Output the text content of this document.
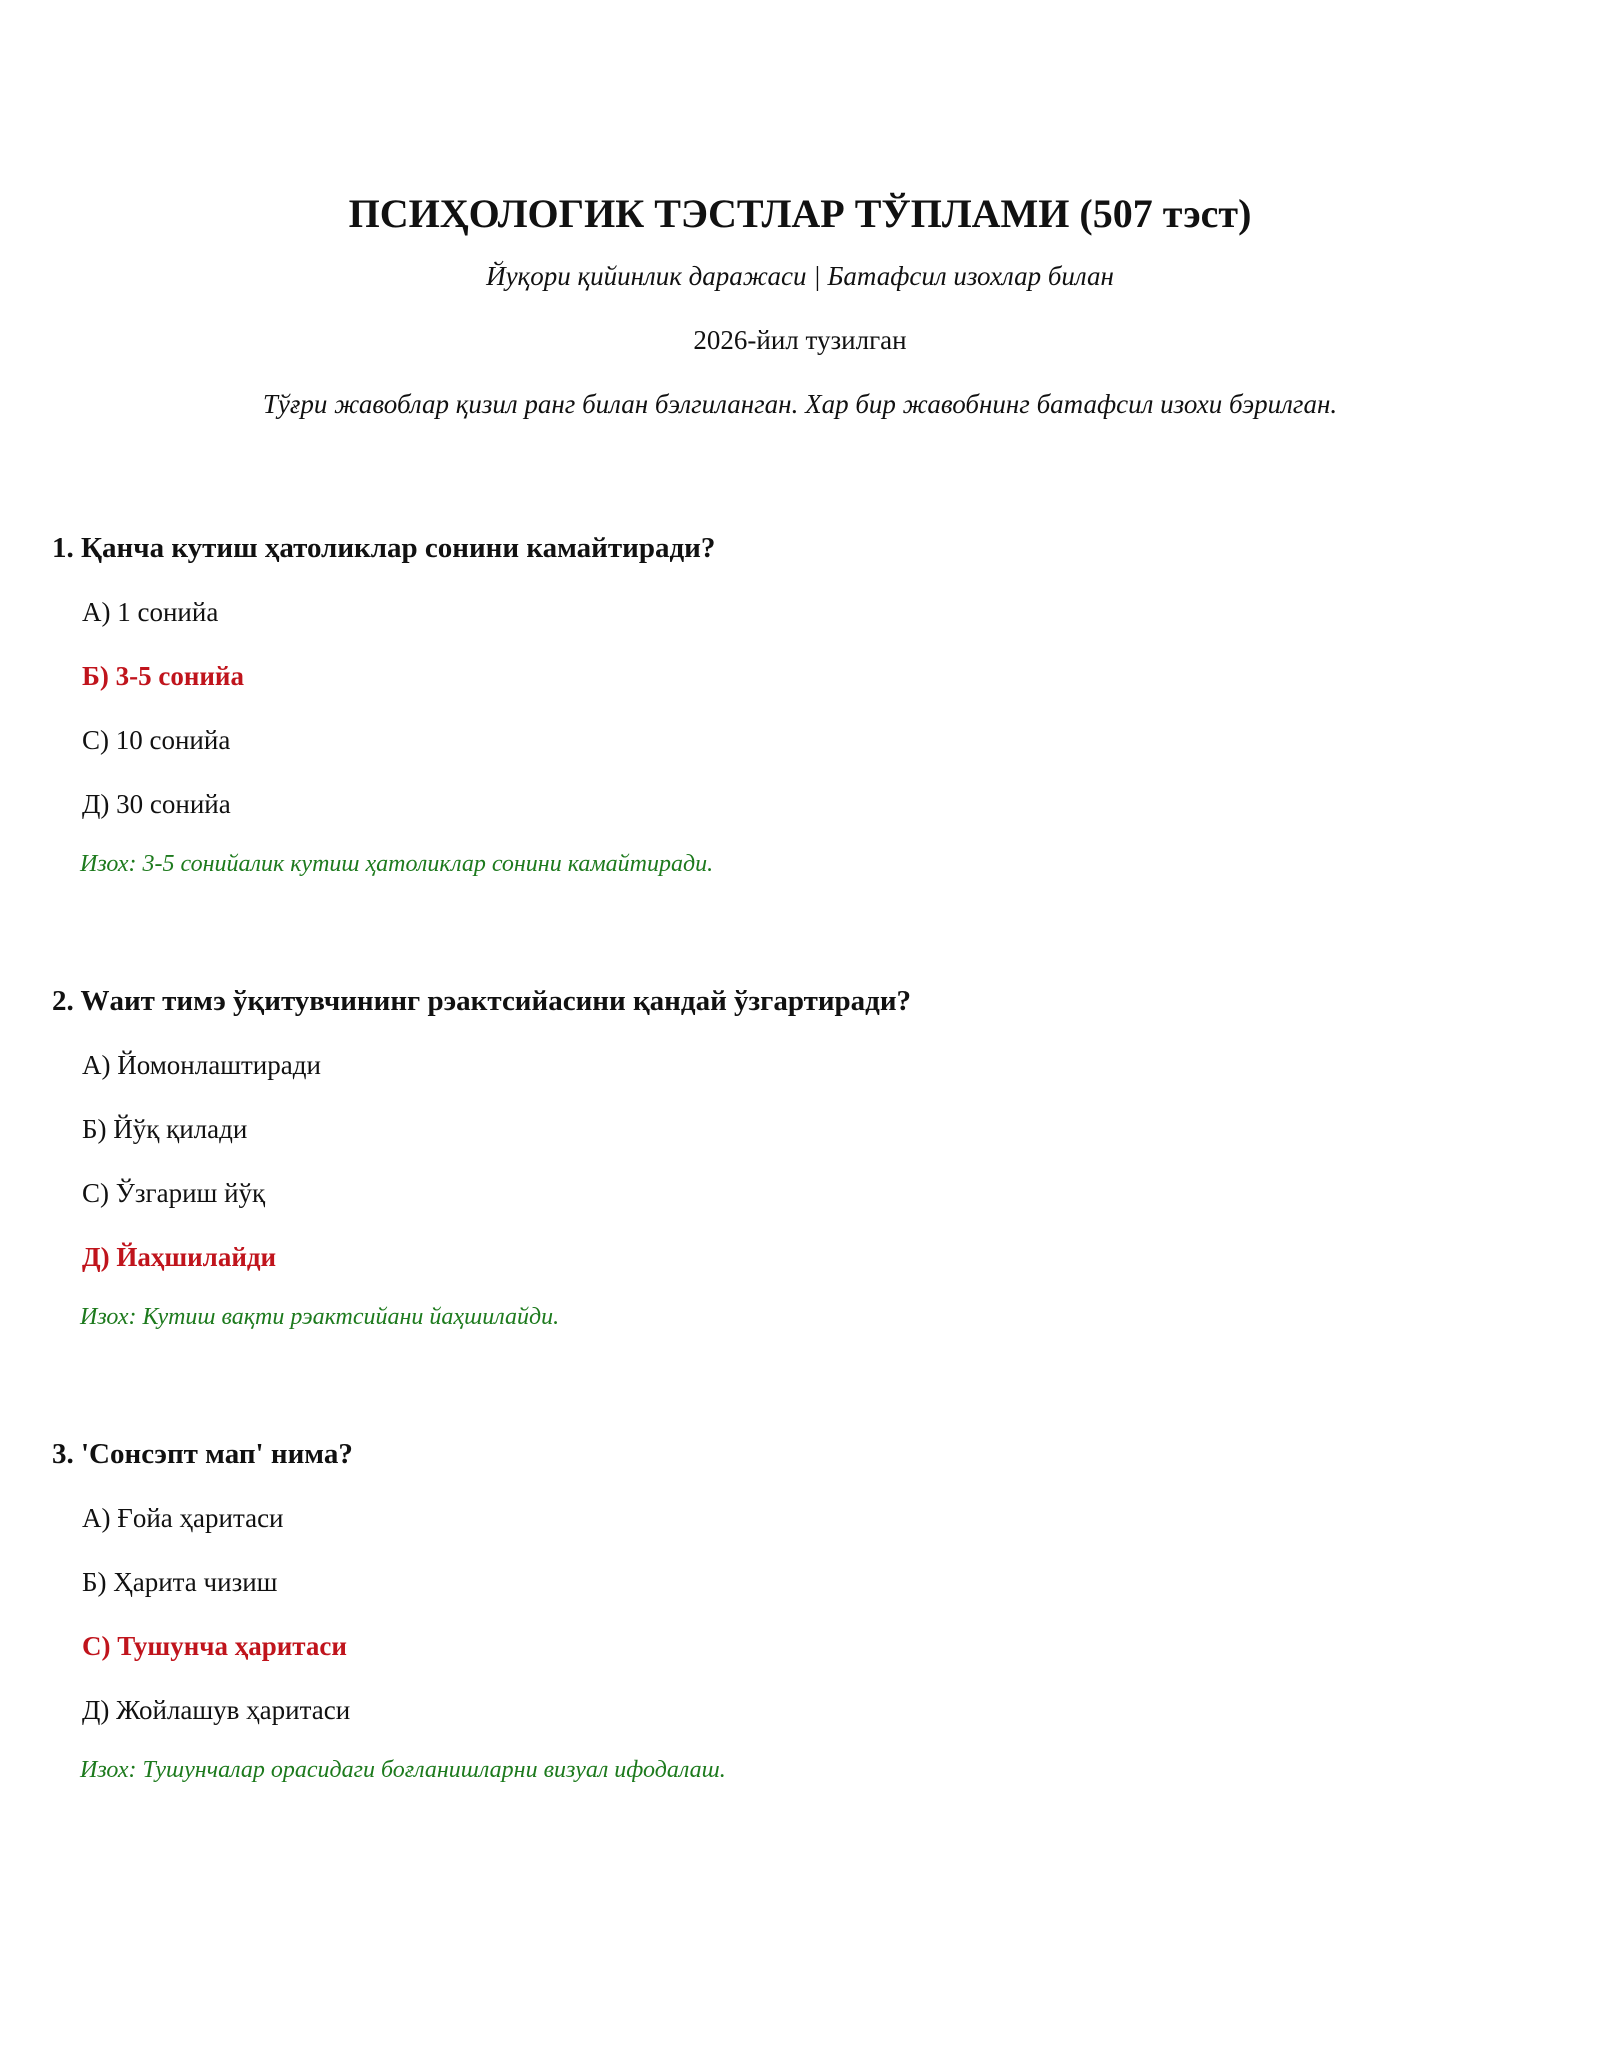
ПСИҲОЛОГИК ТЭСТЛАР ТЎПЛАМИ (507 тэст)
Йуқори қийинлик даражаси | Батафсил изохлар билан
2026-йил тузилган
Тўғри жавоблар қизил ранг билан бэлгиланган. Хар бир жавобнинг батафсил изохи бэрилган.
1. Қанча кутиш ҳатоликлар сонини камайтиради?
А) 1 сонийа
Б) 3-5 сонийа
С) 10 сонийа
Д) 30 сонийа
Изох: 3-5 сонийалик кутиш ҳатоликлар сонини камайтиради.
2. Wаит тимэ ўқитувчининг рэактсийасини қандай ўзгартиради?
А) Йомонлаштиради
Б) Йўқ қилади
С) Ўзгариш йўқ
Д) Йаҳшилайди
Изох: Кутиш вақти рэактсийани йаҳшилайди.
3. 'Сонсэпт мап' нима?
А) Ғойа ҳаритаси
Б) Ҳарита чизиш
С) Тушунча ҳаритаси
Д) Жойлашув ҳаритаси
Изох: Тушунчалар орасидаги боғланишларни визуал ифодалаш.
